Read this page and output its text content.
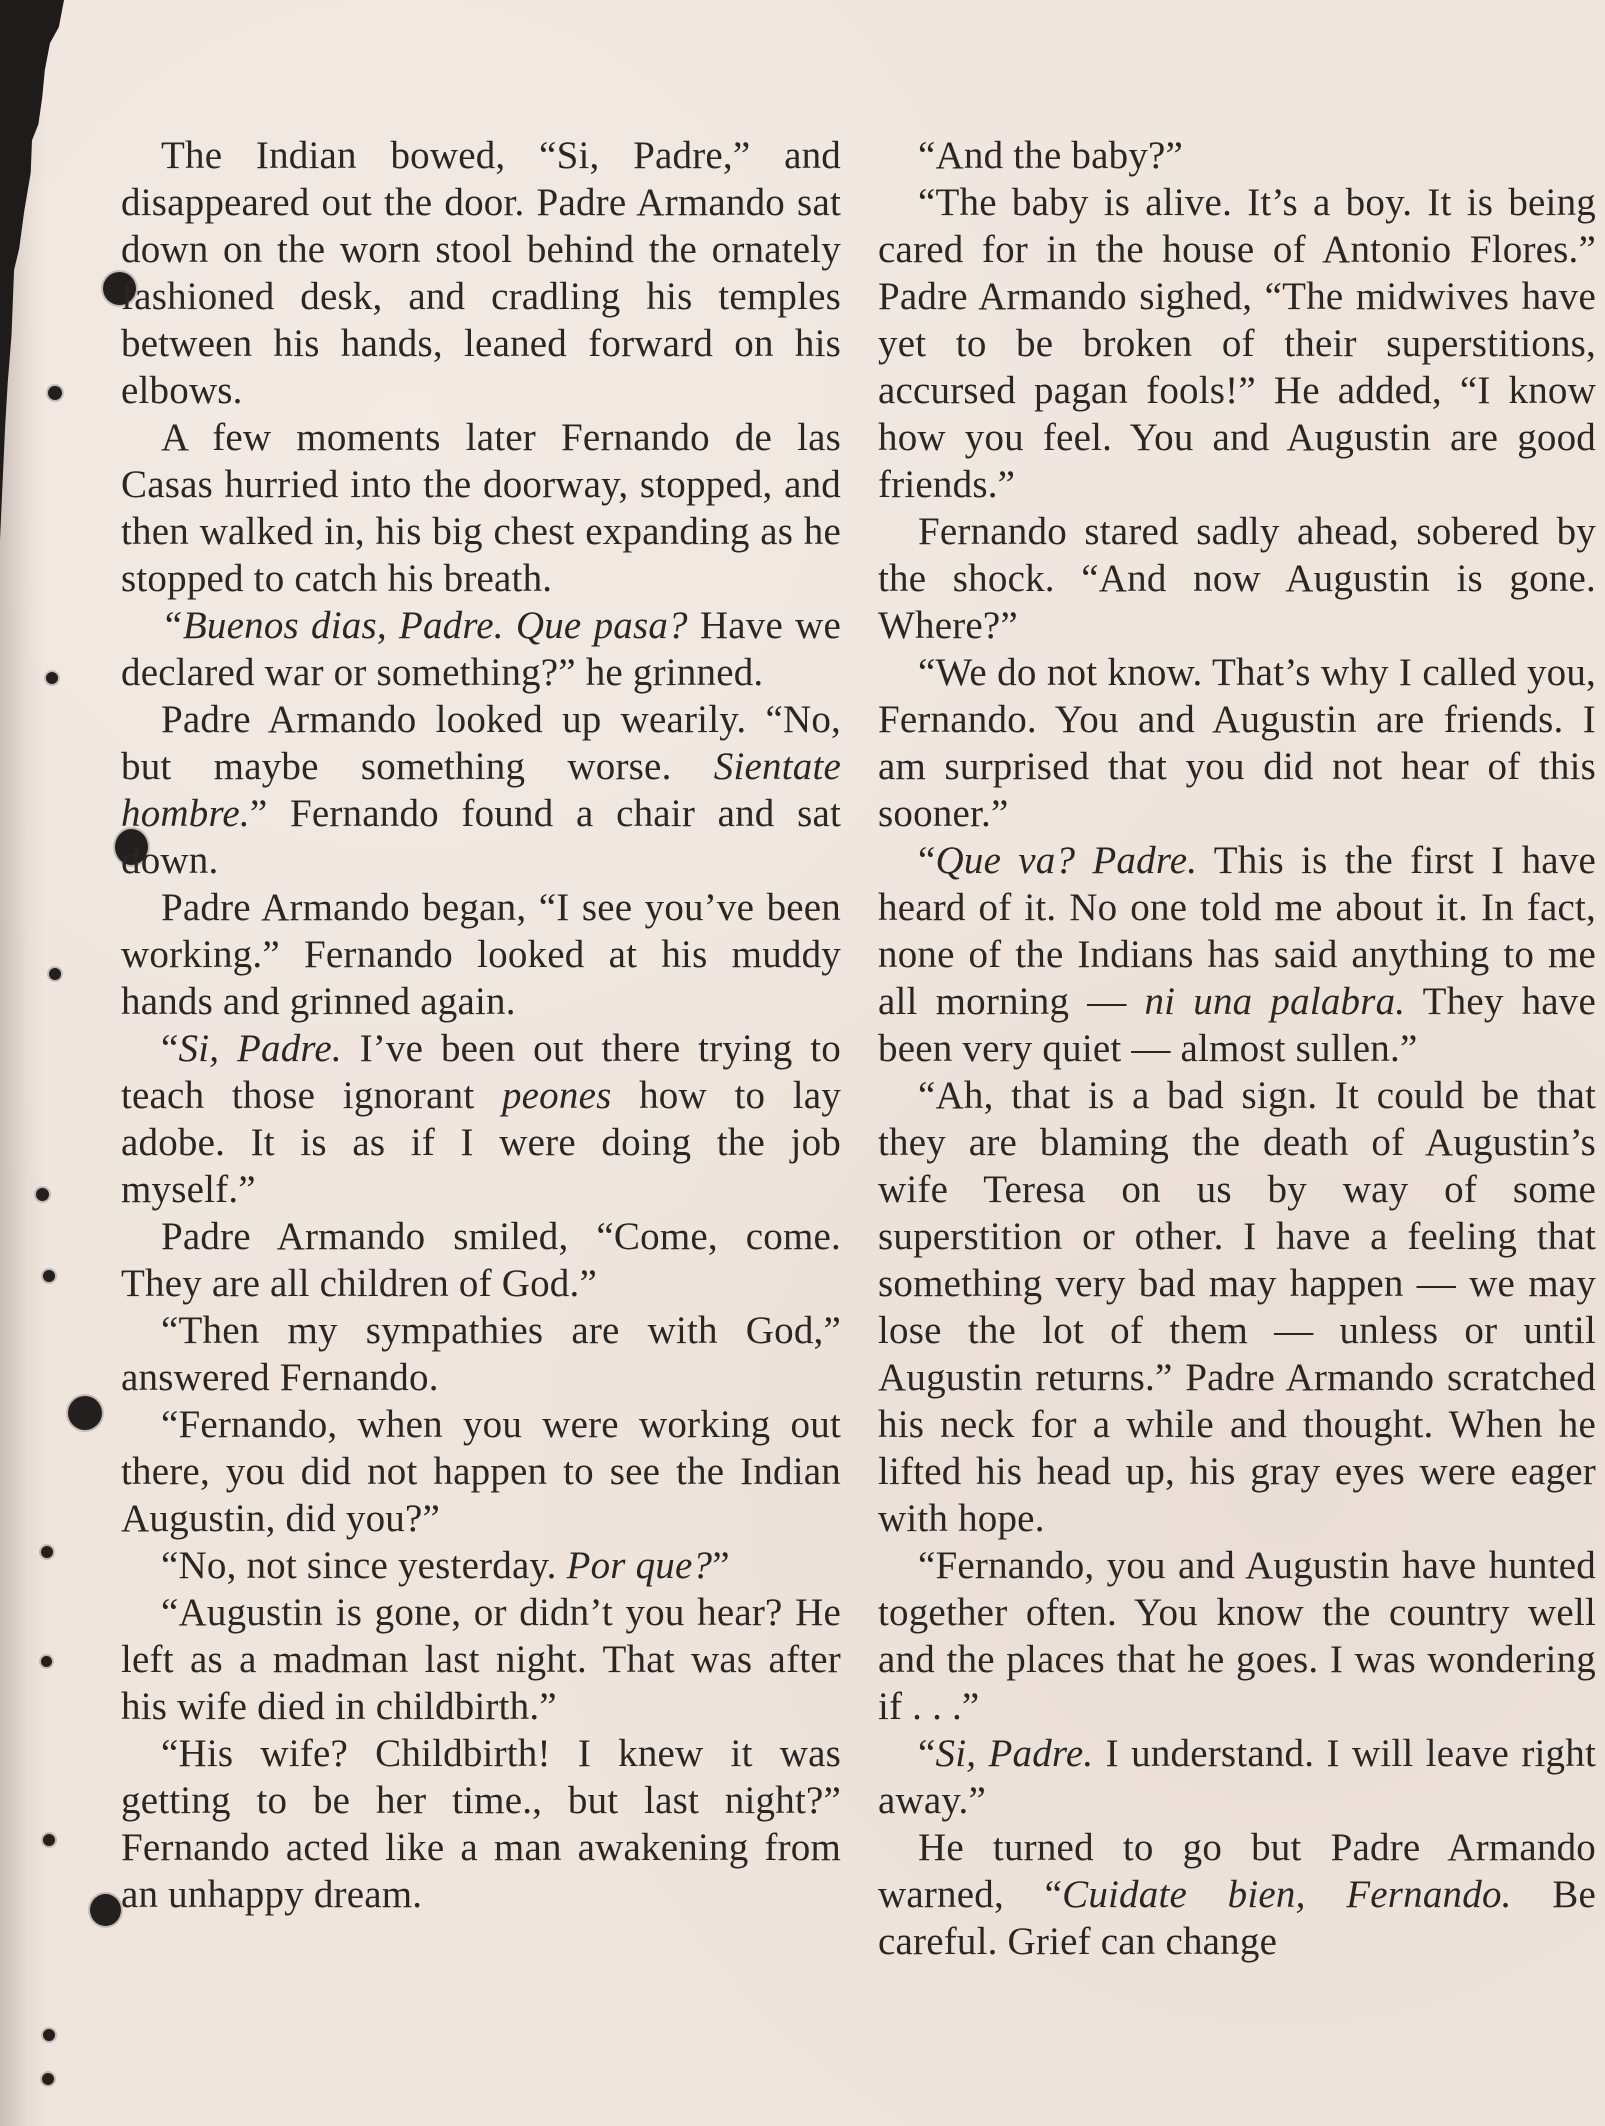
The Indian bowed, “Si, Padre,” and disappeared out the door. Padre Armando sat down on the worn stool behind the ornately fashioned desk, and cradling his temples between his hands, leaned forward on his elbows.

A few moments later Fernando de las Casas hurried into the doorway, stopped, and then walked in, his big chest expanding as he stopped to catch his breath.

“Buenos dias, Padre. Que pasa? Have we declared war or something?” he grinned.

Padre Armando looked up wearily. “No, but maybe something worse. Sientate hombre.” Fernando found a chair and sat down.

Padre Armando began, “I see you’ve been working.” Fernando looked at his muddy hands and grinned again.

“Si, Padre. I’ve been out there trying to teach those ignorant peones how to lay adobe. It is as if I were doing the job myself.”

Padre Armando smiled, “Come, come. They are all children of God.”

“Then my sympathies are with God,” answered Fernando.

“Fernando, when you were working out there, you did not happen to see the Indian Augustin, did you?”

“No, not since yesterday. Por que?”

“Augustin is gone, or didn’t you hear? He left as a madman last night. That was after his wife died in childbirth.”

“His wife? Childbirth! I knew it was getting to be her time., but last night?” Fernando acted like a man awakening from an unhappy dream.

“And the baby?”

“The baby is alive. It’s a boy. It is being cared for in the house of Antonio Flores.” Padre Armando sighed, “The midwives have yet to be broken of their superstitions, accursed pagan fools!” He added, “I know how you feel. You and Augustin are good friends.”

Fernando stared sadly ahead, sobered by the shock. “And now Augustin is gone. Where?”

“We do not know. That’s why I called you, Fernando. You and Augustin are friends. I am surprised that you did not hear of this sooner.”

“Que va? Padre. This is the first I have heard of it. No one told me about it. In fact, none of the Indians has said anything to me all morning — ni una palabra. They have been very quiet — almost sullen.”

“Ah, that is a bad sign. It could be that they are blaming the death of Augustin’s wife Teresa on us by way of some superstition or other. I have a feeling that something very bad may happen — we may lose the lot of them — unless or until Augustin returns.” Padre Armando scratched his neck for a while and thought. When he lifted his head up, his gray eyes were eager with hope.

“Fernando, you and Augustin have hunted together often. You know the country well and the places that he goes. I was wondering if . . .”

“Si, Padre. I understand. I will leave right away.”

He turned to go but Padre Armando warned, “Cuidate bien, Fernando. Be careful. Grief can change
